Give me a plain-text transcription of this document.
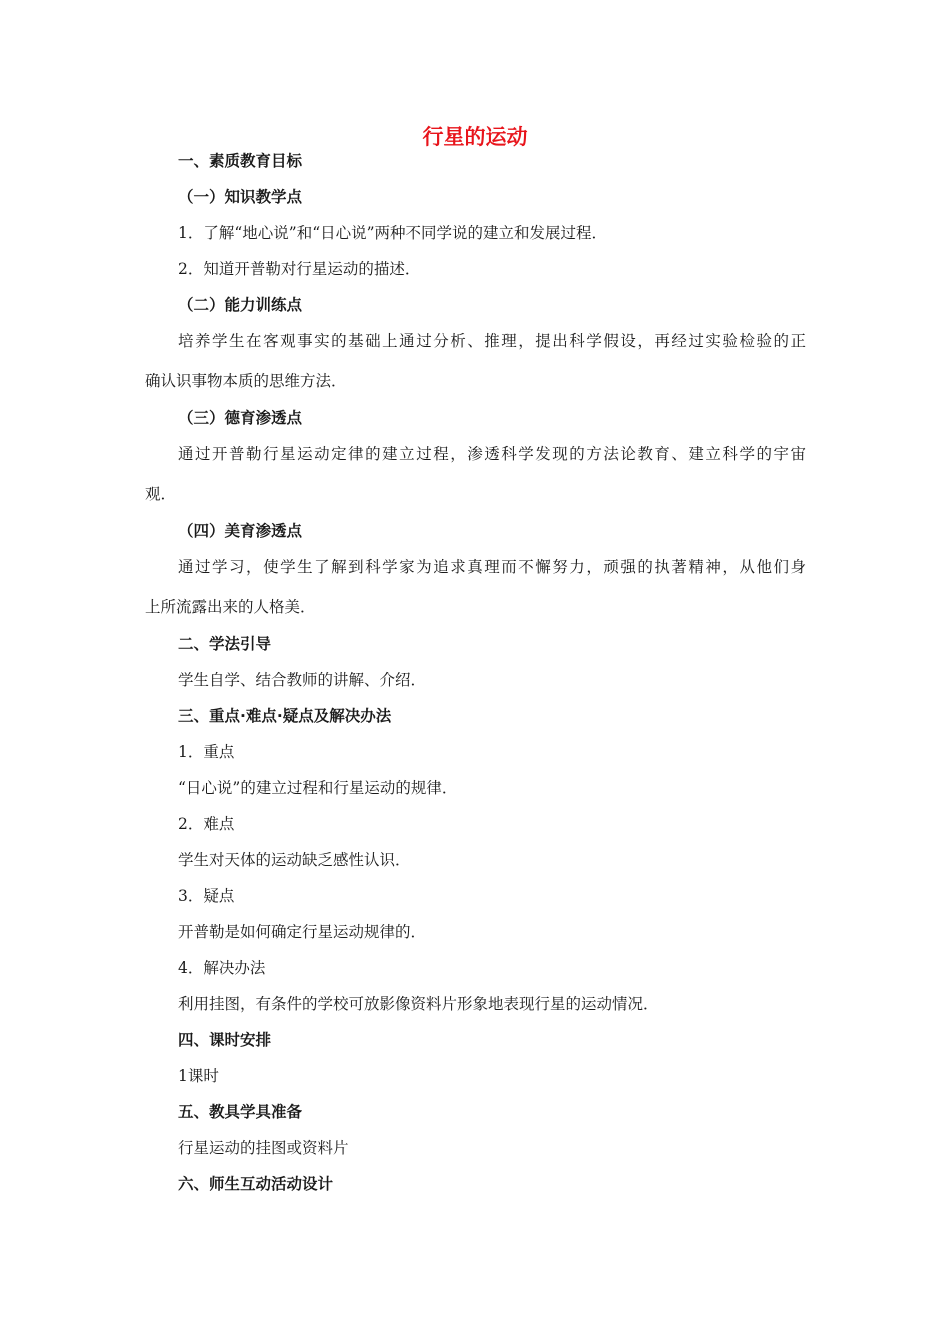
行星的运动
一、素质教育目标
（一）知识教学点
1．了解“地心说”和“日心说”两种不同学说的建立和发展过程．
2．知道开普勒对行星运动的描述．
（二）能力训练点
培养学生在客观事实的基础上通过分析、推理，提出科学假设，再经过实验检验的正
确认识事物本质的思维方法．
（三）德育渗透点
通过开普勒行星运动定律的建立过程，渗透科学发现的方法论教育、建立科学的宇宙
观．
（四）美育渗透点
通过学习，使学生了解到科学家为追求真理而不懈努力，顽强的执著精神，从他们身
上所流露出来的人格美．
二、学法引导
学生自学、结合教师的讲解、介绍．
三、重点·难点·疑点及解决办法
1．重点
“日心说”的建立过程和行星运动的规律．
2．难点
学生对天体的运动缺乏感性认识．
3．疑点
开普勒是如何确定行星运动规律的．
4．解决办法
利用挂图，有条件的学校可放影像资料片形象地表现行星的运动情况．
四、课时安排
1课时
五、教具学具准备
行星运动的挂图或资料片
六、师生互动活动设计
